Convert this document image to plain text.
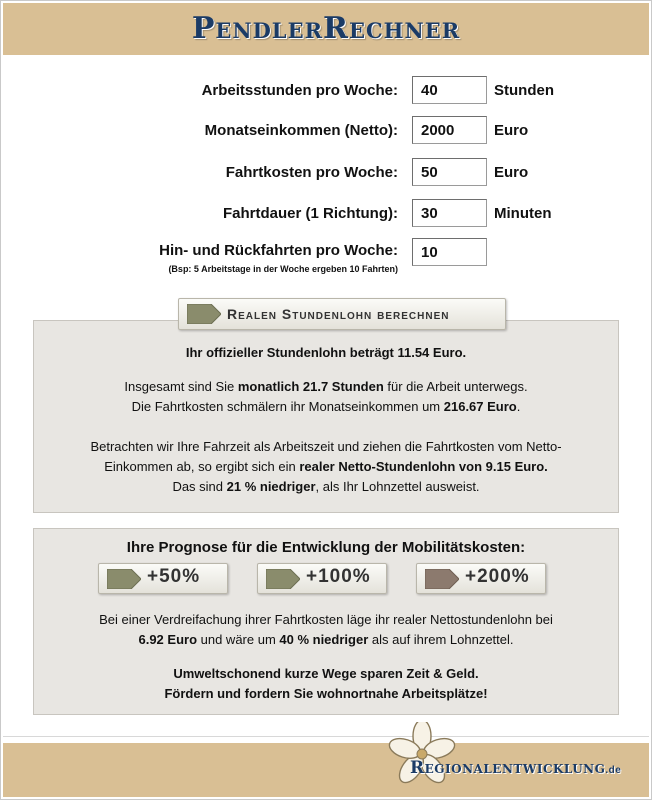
PendlerRechner
Arbeitsstunden pro Woche:
40	Stunden
Monatseinkommen (Netto):
2000	Euro
Fahrtkosten pro Woche:
50	Euro
Fahrtdauer (1 Richtung):
30	Minuten
Hin- und Rückfahrten pro Woche:
10
(Bsp: 5 Arbeitstage in der Woche ergeben 10 Fahrten)
Ihr offizieller Stundenlohn beträgt 11.54 Euro.
Insgesamt sind Sie monatlich 21.7 Stunden für die Arbeit unterwegs.
Die Fahrtkosten schmälern ihr Monatseinkommen um 216.67 Euro.
Betrachten wir Ihre Fahrzeit als Arbeitszeit und ziehen die Fahrtkosten vom Netto-
Einkommen ab, so ergibt sich ein realer Netto-Stundenlohn von 9.15 Euro.
Das sind 21 % niedriger, als Ihr Lohnzettel ausweist.
Realen Stundenlohn berechnen
Ihre Prognose für die Entwicklung der Mobilitätskosten:
+50%	+100%	+200%
Bei einer Verdreifachung ihrer Fahrtkosten läge ihr realer Nettostundenlohn bei
6.92 Euro und wäre um 40 % niedriger als auf ihrem Lohnzettel.
Umweltschonend kurze Wege sparen Zeit & Geld.
Fördern und fordern Sie wohnortnahe Arbeitsplätze!
Regionalentwicklung.de
